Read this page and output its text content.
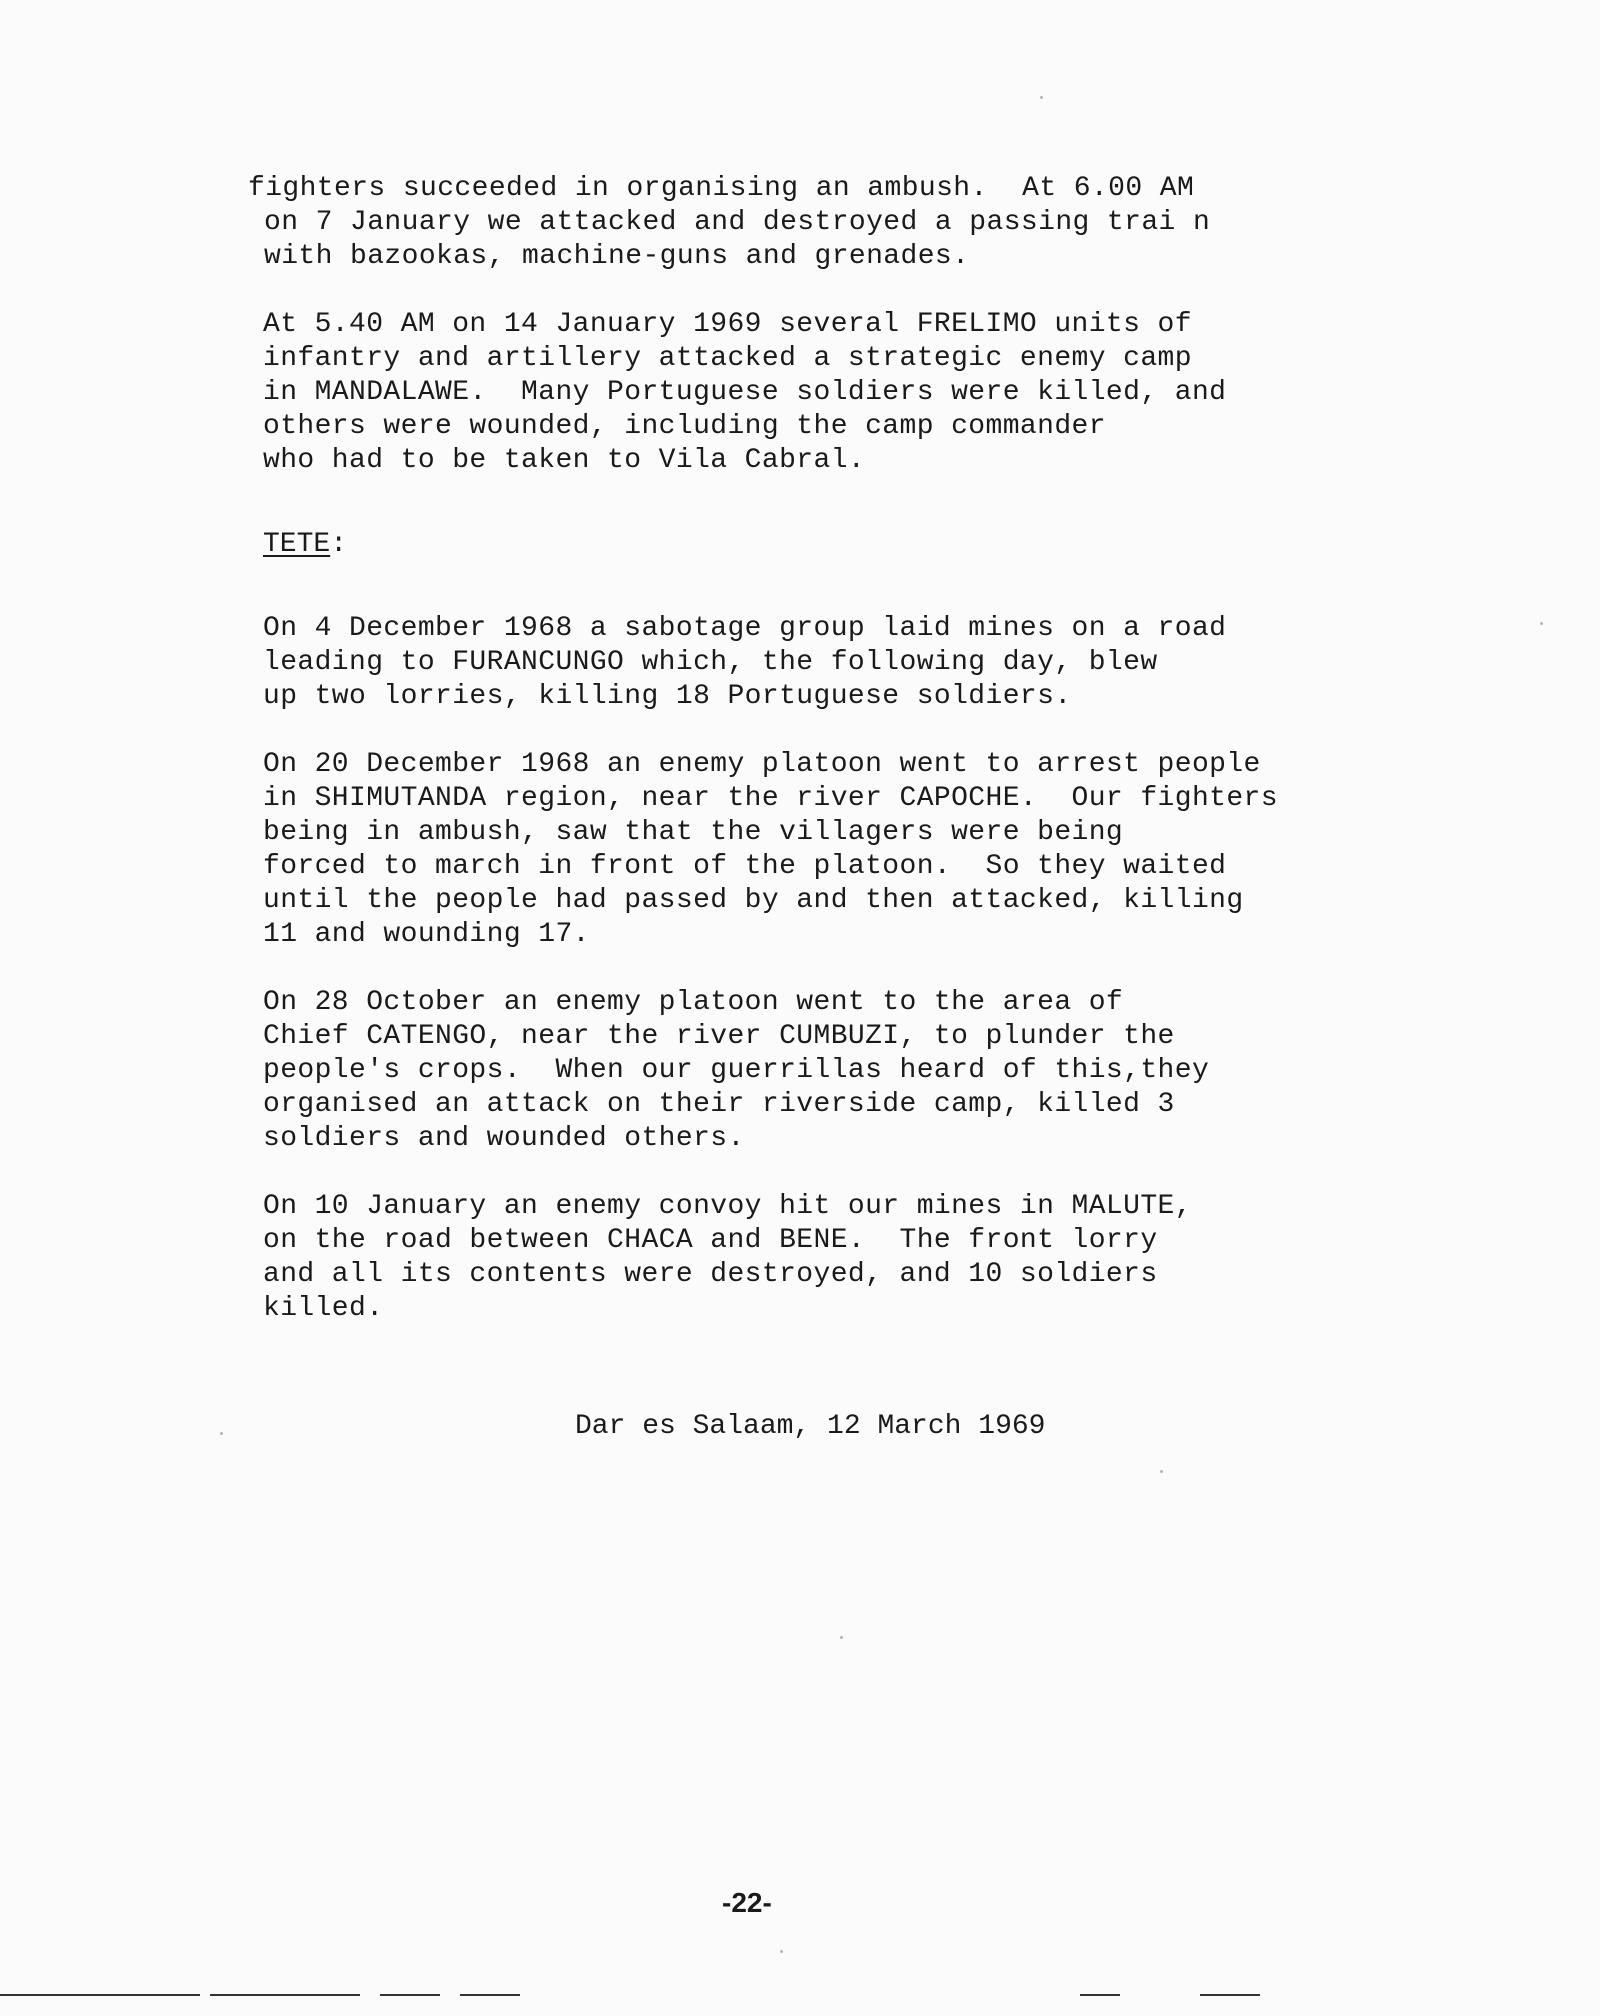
fighters succeeded in organising an ambush.  At 6.00 AM
on 7 January we attacked and destroyed a passing trai n
with bazookas, machine-guns and grenades.
At 5.40 AM on 14 January 1969 several FRELIMO units of
infantry and artillery attacked a strategic enemy camp
in MANDALAWE.  Many Portuguese soldiers were killed, and
others were wounded, including the camp commander
who had to be taken to Vila Cabral.
TETE:
On 4 December 1968 a sabotage group laid mines on a road
leading to FURANCUNGO which, the following day, blew
up two lorries, killing 18 Portuguese soldiers.
On 20 December 1968 an enemy platoon went to arrest people
in SHIMUTANDA region, near the river CAPOCHE.  Our fighters
being in ambush, saw that the villagers were being
forced to march in front of the platoon.  So they waited
until the people had passed by and then attacked, killing
11 and wounding 17.
On 28 October an enemy platoon went to the area of
Chief CATENGO, near the river CUMBUZI, to plunder the
people's crops.  When our guerrillas heard of this,they
organised an attack on their riverside camp, killed 3
soldiers and wounded others.
On 10 January an enemy convoy hit our mines in MALUTE,
on the road between CHACA and BENE.  The front lorry
and all its contents were destroyed, and 10 soldiers
killed.
Dar es Salaam, 12 March 1969
-22-
